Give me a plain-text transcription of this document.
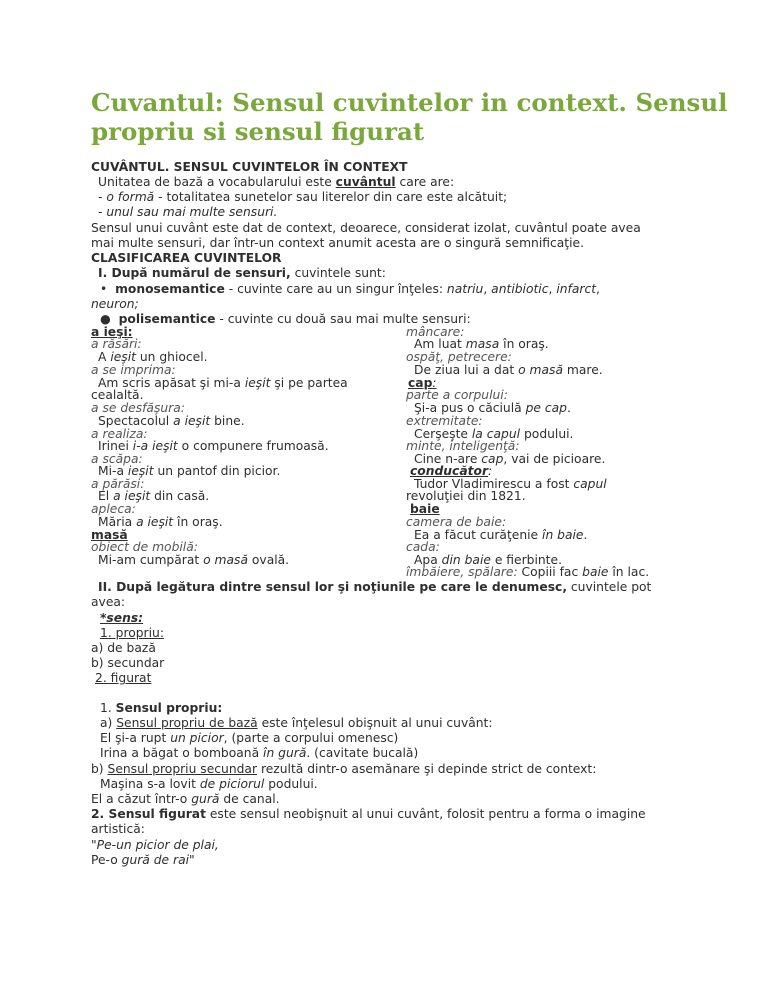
Cuvantul: Sensul cuvintelor in context. Sensul propriu si sensul figurat
CUVÂNTUL. SENSUL CUVINTELOR ÎN CONTEXT
Unitatea de bază a vocabularului este cuvântul care are:
- o formă - totalitatea sunetelor sau literelor din care este alcătuit;
- unul sau mai multe sensuri.
Sensul unui cuvânt este dat de context, deoarece, considerat izolat, cuvântul poate avea
mai multe sensuri, dar într-un context anumit acesta are o singură semnificaţie.
CLASIFICAREA CUVINTELOR
I. După numărul de sensuri, cuvintele sunt:
• monosemantice - cuvinte care au un singur înţeles: natriu, antibiotic, infarct,
neuron;
● polisemantice - cuvinte cu două sau mai multe sensuri:
a ieşi:
a răsări:
A ieşit un ghiocel.
a se imprima:
Am scris apăsat şi mi-a ieşit şi pe partea
cealaltă.
a se desfăşura:
Spectacolul a ieşit bine.
a realiza:
Irinei i-a ieşit o compunere frumoasă.
a scăpa:
Mi-a ieşit un pantof din picior.
a părăsi:
El a ieşit din casă.
apleca:
Măria a ieşit în oraş.
masă
obiect de mobilă:
Mi-am cumpărat o masă ovală.
mâncare:
Am luat masa în oraş.
ospăţ, petrecere:
De ziua lui a dat o masă mare.
cap:
parte a corpului:
Şi-a pus o căciulă pe cap.
extremitate:
Cerşeşte la capul podului.
minte, inteligenţă:
Cine n-are cap, vai de picioare.
conducător:
Tudor Vladimirescu a fost capul
revoluţiei din 1821.
baie
camera de baie:
Ea a făcut curăţenie în baie.
cada:
Apa din baie e fierbinte.
îmbăiere, spălare: Copiii fac baie în lac.
II. După legătura dintre sensul lor şi noţiunile pe care le denumesc, cuvintele pot
avea:
*sens:
1. propriu:
a) de bază
b) secundar
2. figurat
1. Sensul propriu:
a) Sensul propriu de bază este înţelesul obişnuit al unui cuvânt:
El şi-a rupt un picior, (parte a corpului omenesc)
Irina a băgat o bomboană în gură. (cavitate bucală)
b) Sensul propriu secundar rezultă dintr-o asemănare şi depinde strict de context:
Maşina s-a lovit de piciorul podului.
El a căzut într-o gură de canal.
2. Sensul figurat este sensul neobişnuit al unui cuvânt, folosit pentru a forma o imagine
artistică:
"Pe-un picior de plai,
Pe-o gură de rai"
